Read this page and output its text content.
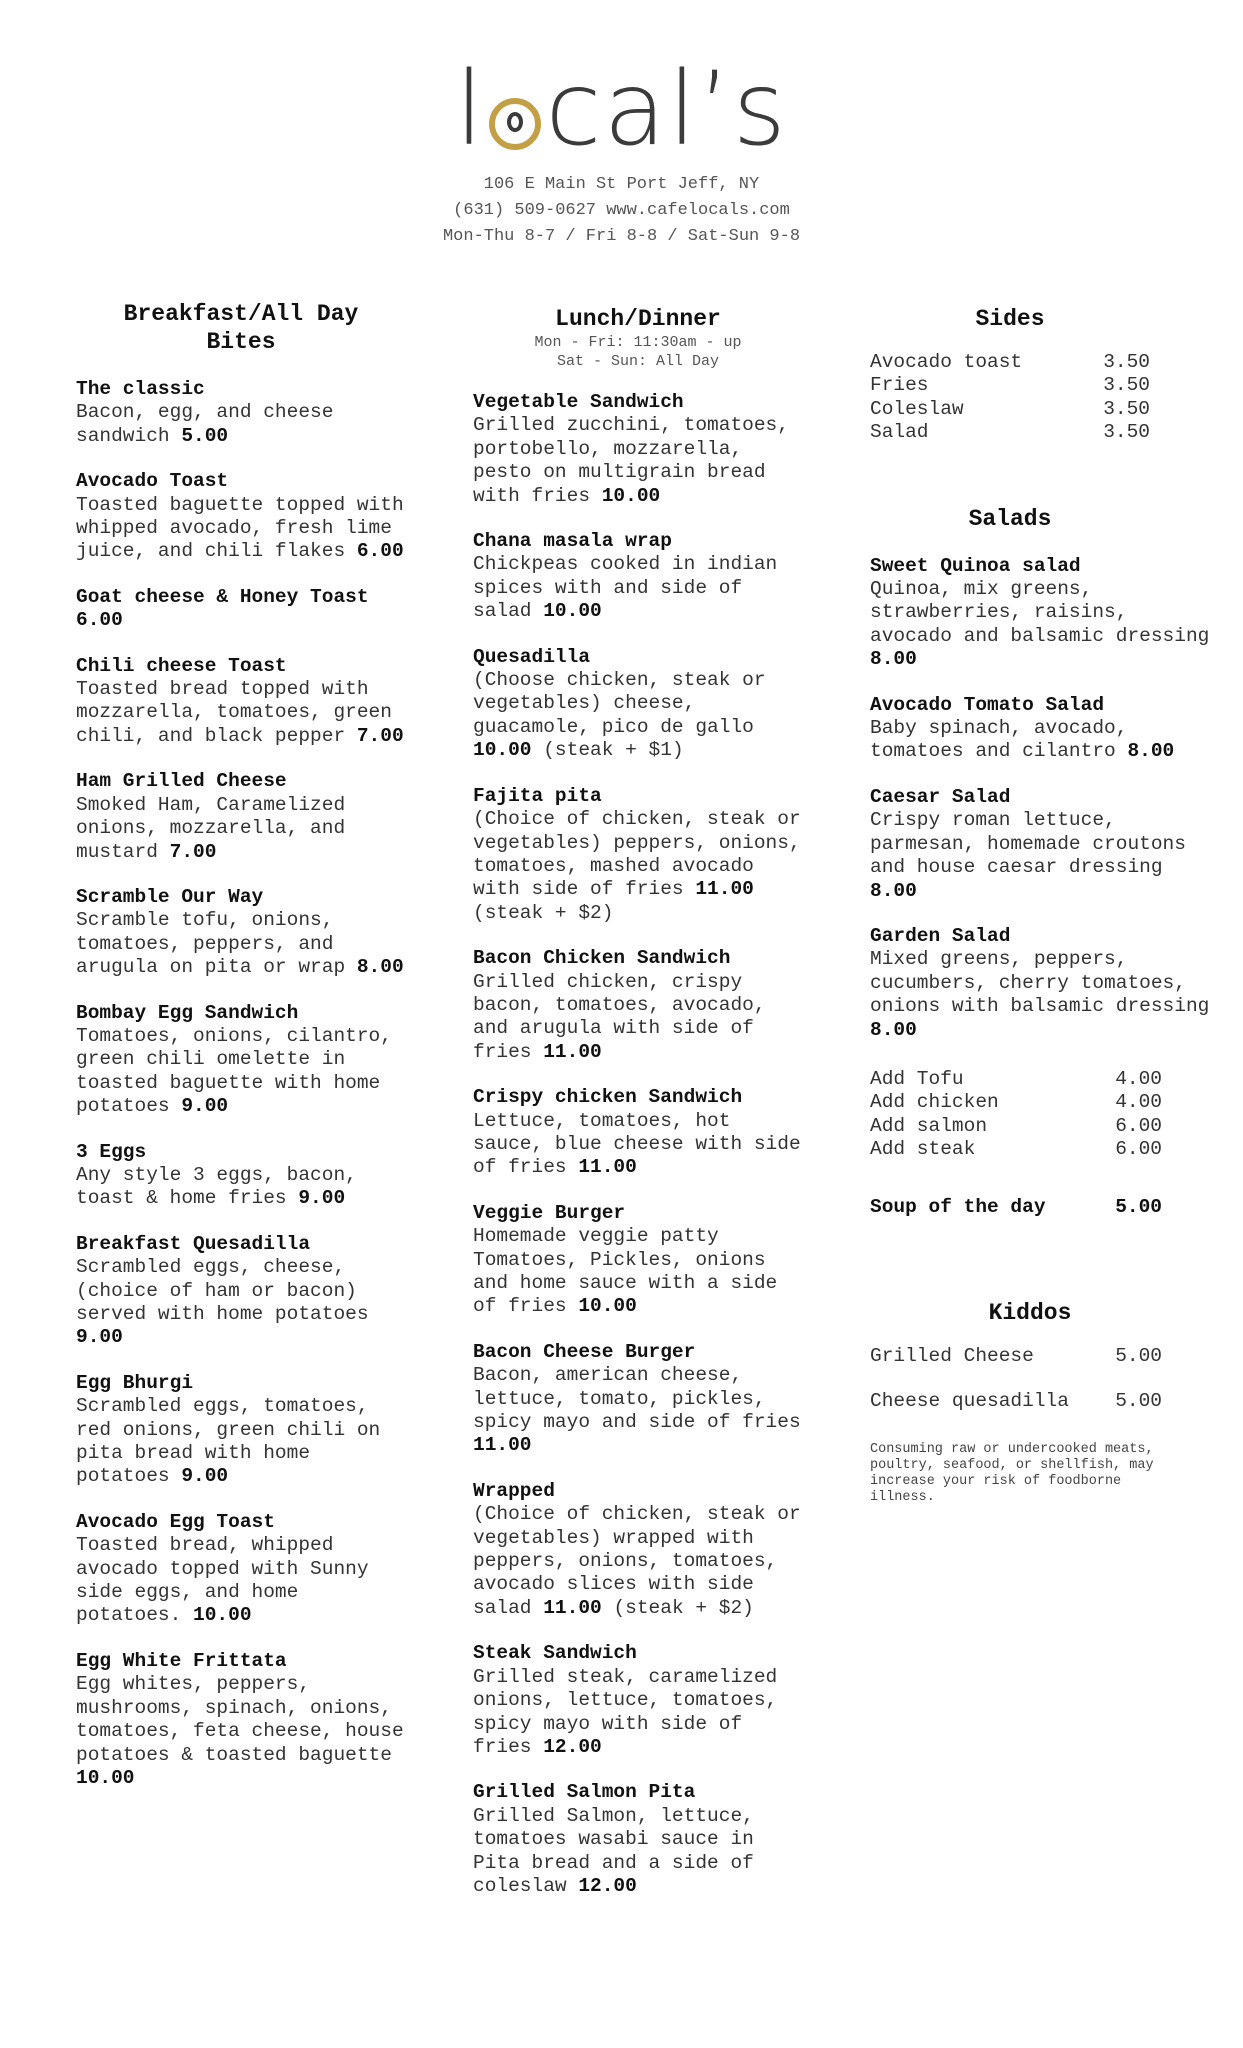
l cal’s
106 E Main St Port Jeff, NY
(631) 509-0627 www.cafelocals.com
Mon-Thu 8-7 / Fri 8-8 / Sat-Sun 9-8
Breakfast/All Day Bites
The classic
Bacon, egg, and cheese sandwich 5.00
Avocado Toast
Toasted baguette topped with whipped avocado, fresh lime juice, and chili flakes 6.00
Goat cheese & Honey Toast
6.00
Chili cheese Toast
Toasted bread topped with mozzarella, tomatoes, green chili, and black pepper 7.00
Ham Grilled Cheese
Smoked Ham, Caramelized onions, mozzarella, and mustard 7.00
Scramble Our Way
Scramble tofu, onions, tomatoes, peppers, and arugula on pita or wrap 8.00
Bombay Egg Sandwich
Tomatoes, onions, cilantro, green chili omelette in toasted baguette with home potatoes 9.00
3 Eggs
Any style 3 eggs, bacon, toast & home fries 9.00
Breakfast Quesadilla
Scrambled eggs, cheese, (choice of ham or bacon) served with home potatoes 9.00
Egg Bhurgi
Scrambled eggs, tomatoes, red onions, green chili on pita bread with home potatoes 9.00
Avocado Egg Toast
Toasted bread, whipped avocado topped with Sunny side eggs, and home potatoes. 10.00
Egg White Frittata
Egg whites, peppers, mushrooms, spinach, onions, tomatoes, feta cheese, house potatoes & toasted baguette 10.00
Lunch/Dinner
Mon - Fri: 11:30am - up
Sat - Sun: All Day
Vegetable Sandwich
Grilled zucchini, tomatoes, portobello, mozzarella, pesto on multigrain bread with fries 10.00
Chana masala wrap
Chickpeas cooked in indian spices with and side of salad 10.00
Quesadilla
(Choose chicken, steak or vegetables) cheese, guacamole, pico de gallo 10.00 (steak + $1)
Fajita pita
(Choice of chicken, steak or vegetables) peppers, onions, tomatoes, mashed avocado with side of fries 11.00 (steak + $2)
Bacon Chicken Sandwich
Grilled chicken, crispy bacon, tomatoes, avocado, and arugula with side of fries 11.00
Crispy chicken Sandwich
Lettuce, tomatoes, hot sauce, blue cheese with side of fries 11.00
Veggie Burger
Homemade veggie patty Tomatoes, Pickles, onions and home sauce with a side of fries 10.00
Bacon Cheese Burger
Bacon, american cheese, lettuce, tomato, pickles, spicy mayo and side of fries 11.00
Wrapped
(Choice of chicken, steak or vegetables) wrapped with peppers, onions, tomatoes, avocado slices with side salad 11.00 (steak + $2)
Steak Sandwich
Grilled steak, caramelized onions, lettuce, tomatoes, spicy mayo with side of fries 12.00
Grilled Salmon Pita
Grilled Salmon, lettuce, tomatoes wasabi sauce in Pita bread and a side of coleslaw 12.00
Sides
Avocado toast	3.50
Fries	3.50
Coleslaw	3.50
Salad	3.50
Salads
Sweet Quinoa salad
Quinoa, mix greens, strawberries, raisins, avocado and balsamic dressing 8.00
Avocado Tomato Salad
Baby spinach, avocado, tomatoes and cilantro 8.00
Caesar Salad
Crispy roman lettuce, parmesan, homemade croutons and house caesar dressing 8.00
Garden Salad
Mixed greens, peppers, cucumbers, cherry tomatoes, onions with balsamic dressing 8.00
Add Tofu	4.00
Add chicken	4.00
Add salmon	6.00
Add steak	6.00
Soup of the day	5.00
Kiddos
Grilled Cheese	5.00
Cheese quesadilla 5.00
Consuming raw or undercooked meats, poultry, seafood, or shellfish, may increase your risk of foodborne illness.
